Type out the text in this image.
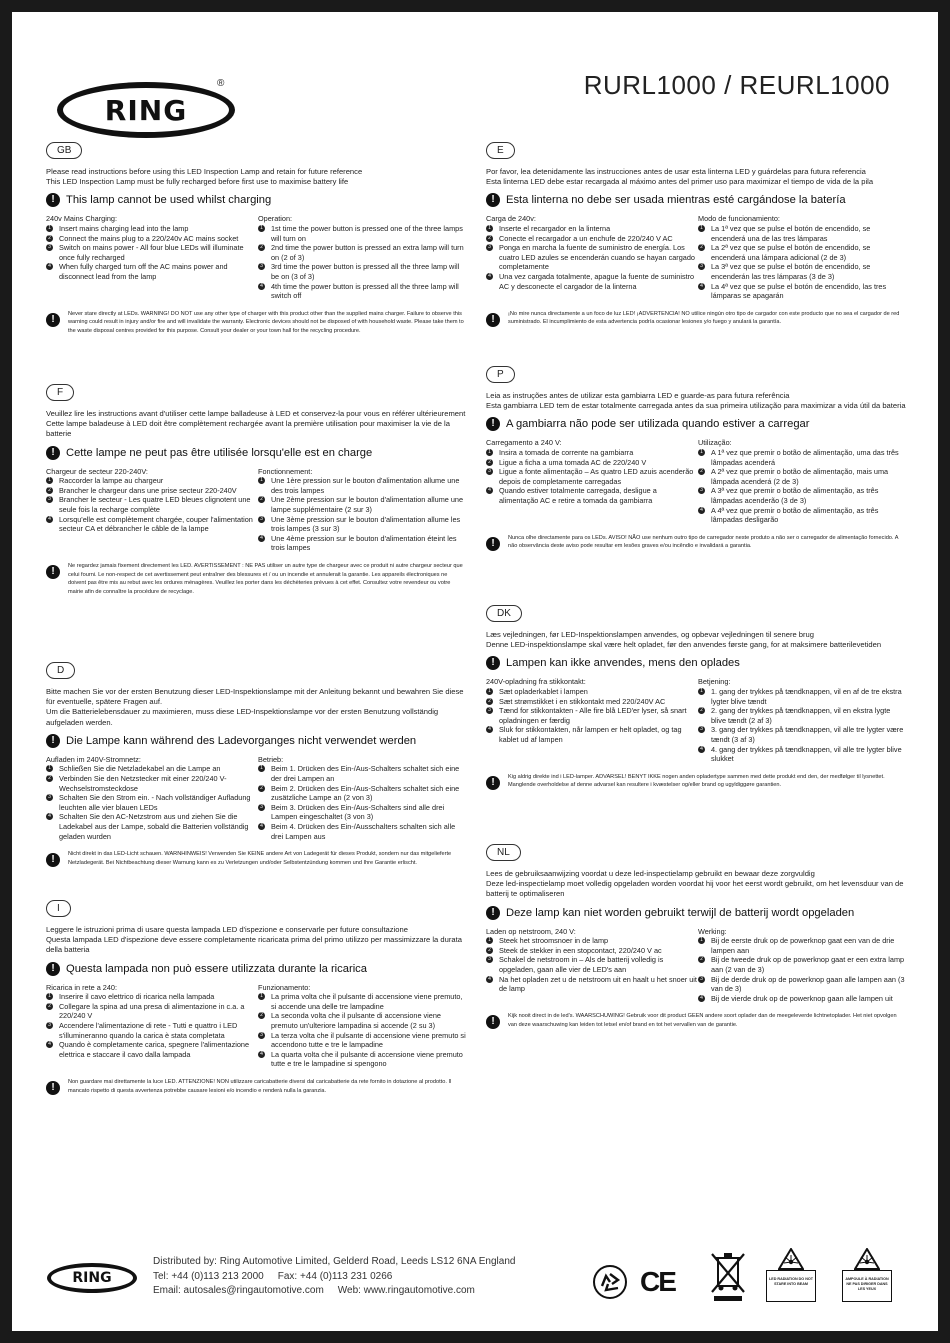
RING
®	RURL1000 / REURL1000
GB
Please read instructions before using this LED Inspection Lamp and retain for future reference
This LED Inspection Lamp must be fully recharged before first use to maximise battery life
!	This lamp cannot be used whilst charging
240v Mains Charging:
1 Insert mains charging lead into the lamp
2 Connect the mains plug to a 220/240v AC mains socket
3 Switch on mains power - All four blue LEDs will illuminate once fully recharged
4 When fully charged turn off the AC mains power and disconnect lead from the lamp
Operation:
1 1st time the power button is pressed one of the three lamps will turn on
2 2nd time the power button is pressed an extra lamp will turn on (2 of 3)
3 3rd time the power button is pressed all the three lamp will be on (3 of 3)
4 4th time the power button is pressed all the three lamp will switch off
!	Never stare directly at LEDs. WARNING! DO NOT use any other type of charger with this product other than the supplied mains charger. Failure to observe this warning could result in injury and/or fire and will invalidate the warranty. Electronic devices should not be disposed of with household waste. Please take them to the waste disposal centres provided for this purpose. Consult your dealer or your town hall for the recycling procedure.
F
Veuillez lire les instructions avant d'utiliser cette lampe balladeuse à LED et conservez-la pour vous en référer ultérieurement
Cette lampe baladeuse à LED doit être complètement rechargée avant la première utilisation pour maximiser la vie de la batterie
!	Cette lampe ne peut pas être utilisée lorsqu'elle est en charge
Chargeur de secteur 220-240V:
1 Raccorder la lampe au chargeur
2 Brancher le chargeur dans une prise secteur 220-240V
3 Brancher le secteur - Les quatre LED bleues clignotent une seule fois la recharge complète
4 Lorsqu'elle est complètement chargée, couper l'alimentation secteur CA et débrancher le câble de la lampe
Fonctionnement:
1 Une 1ère pression sur le bouton d'alimentation allume une des trois lampes
2 Une 2ème pression sur le bouton d'alimentation allume une lampe supplémentaire (2 sur 3)
3 Une 3ème pression sur le bouton d'alimentation allume les trois lampes (3 sur 3)
4 Une 4ème pression sur le bouton d'alimentation éteint les trois lampes
!	Ne regardez jamais fixement directement les LED. AVERTISSEMENT : NE PAS utiliser un autre type de chargeur avec ce produit ni autre chargeur secteur que celui fourni. Le non-respect de cet avertissement peut entraîner des blessures et / ou un incendie et annulerait la garantie. Les appareils électroniques ne doivent pas être mis au rebut avec les ordures ménagères. Veuillez les porter dans les déchèteries prévues à cet effet. Consultez votre revendeur ou votre mairie afin de connaître la procédure de recyclage.
D
Bitte machen Sie vor der ersten Benutzung dieser LED-Inspektionslampe mit der Anleitung bekannt und bewahren Sie diese für eventuelle, spätere Fragen auf.
Um die Batterielebensdauer zu maximieren, muss diese LED-Inspektionslampe vor der ersten Benutzung vollständig aufgeladen werden.
!	Die Lampe kann während des Ladevorganges nicht verwendet werden
Aufladen im 240V-Stromnetz:
1 Schließen Sie die Netzladekabel an die Lampe an
2 Verbinden Sie den Netzstecker mit einer 220/240 V-Wechselstromsteckdose
3 Schalten Sie den Strom ein. - Nach vollständiger Aufladung leuchten alle vier blauen LEDs
4 Schalten Sie den AC-Netzstrom aus und ziehen Sie die Ladekabel aus der Lampe, sobald die Batterien vollständig geladen wurden
Betrieb:
1 Beim 1. Drücken des Ein-/Aus-Schalters schaltet sich eine der drei Lampen an
2 Beim 2. Drücken des Ein-/Aus-Schalters schaltet sich eine zusätzliche Lampe an (2 von 3)
3 Beim 3. Drücken des Ein-/Aus-Schalters sind alle drei Lampen eingeschaltet (3 von 3)
4 Beim 4. Drücken des Ein-/Ausschalters schalten sich alle drei Lampen aus
!	Nicht direkt in das LED-Licht schauen. WARNHINWEIS! Verwenden Sie KEINE andere Art von Ladegerät für dieses Produkt, sondern nur das mitgelieferte Netzladegerät. Bei Nichtbeachtung dieser Warnung kann es zu Verletzungen und/oder Selbstentzündung kommen und Ihre Garantie erlischt.
I
Leggere le istruzioni prima di usare questa lampada LED d'ispezione e conservarle per future consultazione
Questa lampada LED d'ispezione deve essere completamente ricaricata prima del primo utilizzo per massimizzare la durata della batteria
!	Questa lampada non può essere utilizzata durante la ricarica
Ricarica in rete a 240:
1 Inserire il cavo elettrico di ricarica nella lampada
2 Collegare la spina ad una presa di alimentazione in c.a. a 220/240 V
3 Accendere l'alimentazione di rete - Tutti e quattro i LED s'illumineranno quando la carica è stata completata
4 Quando è completamente carica, spegnere l'alimentazione elettrica e staccare il cavo dalla lampada
Funzionamento:
1 La prima volta che il pulsante di accensione viene premuto, si accende una delle tre lampadine
2 La seconda volta che il pulsante di accensione viene premuto un'ulteriore lampadina si accende (2 su 3)
3 La terza volta che il pulsante di accensione viene premuto si accendono tutte e tre le lampadine
4 La quarta volta che il pulsante di accensione viene premuto tutte e tre le lampadine si spengono
!	Non guardare mai direttamente la luce LED. ATTENZIONE! NON utilizzare caricabatterie diversi dal caricabatterie da rete fornito in dotazione al prodotto. Il mancato rispetto di questa avvertenza potrebbe causare lesioni e/o incendio e renderà nulla la garanzia.
E
Por favor, lea detenidamente las instrucciones antes de usar esta linterna LED y guárdelas para futura referencia
Esta linterna LED debe estar recargada al máximo antes del primer uso para maximizar el tiempo de vida de la pila
!	Esta linterna no debe ser usada mientras esté cargándose la batería
Carga de 240v:
1 Inserte el recargador en la linterna
2 Conecte el recargador a un enchufe de 220/240 V AC
3 Ponga en marcha la fuente de suministro de energía. Los cuatro LED azules se encenderán cuando se hayan cargado completamente
4 Una vez cargada totalmente, apague la fuente de suministro AC y desconecte el cargador de la linterna
Modo de funcionamiento:
1 La 1ª vez que se pulse el botón de encendido, se encenderá una de las tres lámparas
2 La 2ª vez que se pulse el botón de encendido, se encenderá una lámpara adicional (2 de 3)
3 La 3ª vez que se pulse el botón de encendido, se encenderán las tres lámparas (3 de 3)
4 La 4ª vez que se pulse el botón de encendido, las tres lámparas se apagarán
!	¡No mire nunca directamente a un foco de luz LED! ¡ADVERTENCIA! NO utilice ningún otro tipo de cargador con este producto que no sea el cargador de red suministrado. El incumplimiento de esta advertencia podría ocasionar lesiones y/o fuego y anulará la garantía.
P
Leia as instruções antes de utilizar esta gambiarra LED e guarde-as para futura referência
Esta gambiarra LED tem de estar totalmente carregada antes da sua primeira utilização para maximizar a vida útil da bateria
!	A gambiarra não pode ser utilizada quando estiver a carregar
Carregamento a 240 V:
1 Insira a tomada de corrente na gambiarra
2 Ligue a ficha a uma tomada AC de 220/240 V
3 Ligue a fonte alimentação – As quatro LED azuis acenderão depois de completamente carregadas
4 Quando estiver totalmente carregada, desligue a alimentação AC e retire a tomada da gambiarra
Utilização:
1 A 1ª vez que premir o botão de alimentação, uma das três lâmpadas acenderá
2 A 2ª vez que premir o botão de alimentação, mais uma lâmpada acenderá (2 de 3)
3 A 3ª vez que premir o botão de alimentação, as três lâmpadas acenderão (3 de 3)
4 A 4ª vez que premir o botão de alimentação, as três lâmpadas desligarão
!	Nunca olhe directamente para os LEDs. AVISO! NÃO use nenhum outro tipo de carregador neste produto a não ser o carregador de alimentação fornecido. A não observância deste aviso pode resultar em lesões graves e/ou incêndio e invalidará a garantia.
DK
Læs vejledningen, før LED-Inspektionslampen anvendes, og opbevar vejledningen til senere brug
Denne LED-inspektionslampe skal være helt opladet, før den anvendes første gang, for at maksimere batterilevetiden
!	Lampen kan ikke anvendes, mens den oplades
240V-opladning fra stikkontakt:
1 Sæt opladerkablet i lampen
2 Sæt strømstikket i en stikkontakt med 220/240V AC
3 Tænd for stikkontakten - Alle fire blå LED'er lyser, så snart opladningen er færdig
4 Sluk for stikkontakten, når lampen er helt opladet, og tag kablet ud af lampen
Betjening:
1 1. gang der trykkes på tændknappen, vil en af de tre ekstra lygter blive tændt
2 2. gang der trykkes på tændknappen, vil en ekstra lygte blive tændt (2 af 3)
3 3. gang der trykkes på tændknappen, vil alle tre lygter være tændt (3 af 3)
4 4. gang der trykkes på tændknappen, vil alle tre lygter blive slukket
!	Kig aldrig direkte ind i LED-lamper. ADVARSEL! BENYT IKKE nogen anden opladertype sammen med dette produkt end den, der medfølger til lysnettet. Manglende overholdelse af denne advarsel kan resultere i kvæstelser og/eller brand og ugyldiggøre garantien.
NL
Lees de gebruiksaanwijzing voordat u deze led-inspectielamp gebruikt en bewaar deze zorgvuldig
Deze led-inspectielamp moet volledig opgeladen worden voordat hij voor het eerst wordt gebruikt, om het levensduur van de batterij te optimaliseren
!	Deze lamp kan niet worden gebruikt terwijl de batterij wordt opgeladen
Laden op netstroom, 240 V:
1 Steek het stroomsnoer in de lamp
2 Steek de stekker in een stopcontact, 220/240 V ac
3 Schakel de netstroom in – Als de batterij volledig is opgeladen, gaan alle vier de LED's aan
4 Na het opladen zet u de netstroom uit en haalt u het snoer uit de lamp
Werking:
1 Bij de eerste druk op de powerknop gaat een van de drie lampen aan
2 Bij de tweede druk op de powerknop gaat er een extra lamp aan (2 van de 3)
3 Bij de derde druk op de powerknop gaan alle lampen aan (3 van de 3)
4 Bij de vierde druk op de powerknop gaan alle lampen uit
!	Kijk nooit direct in de led's. WAARSCHUWING! Gebruik voor dit product GEEN andere soort oplader dan de meegeleverde lichtnetoplader. Het niet opvolgen van deze waarschuwing kan leiden tot letsel en/of brand en tot het vervallen van de garantie.
RING
Distributed by: Ring Automotive Limited, Gelderd Road, Leeds LS12 6NA England
Tel: +44 (0)113 213 2000 Fax: +44 (0)113 231 0266
Email: autosales@ringautomotive.com Web: www.ringautomotive.com	CE	LED RADIATION DO NOT STARE INTO BEAM
AMPOULE À RADIATION NE PAS DIRIGER DANS LES YEUX
